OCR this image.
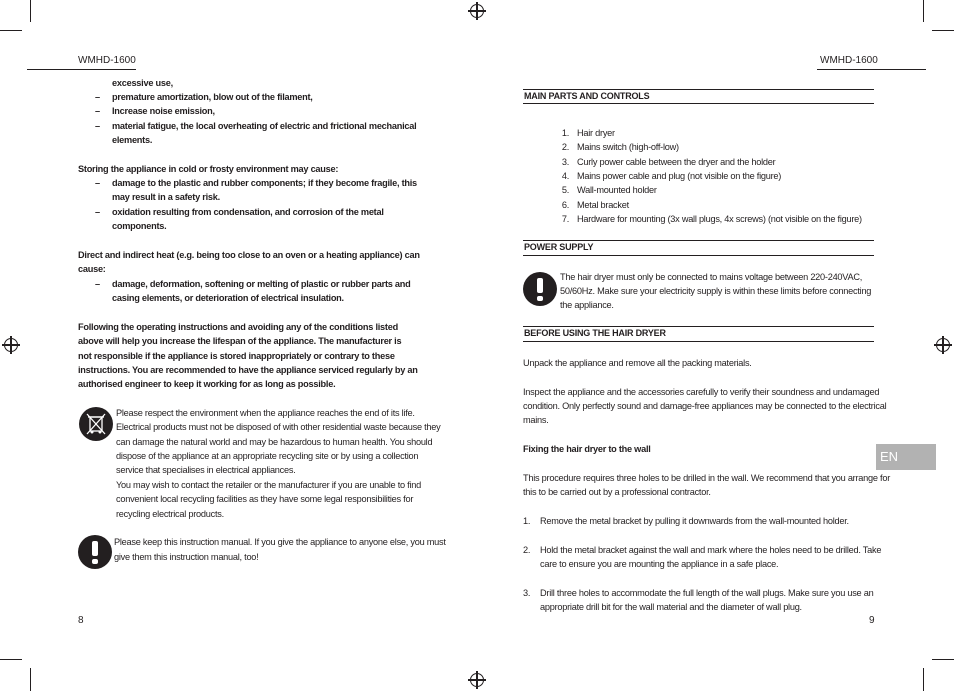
WMHD-1600	WMHD-1600
excessive use,
– premature amortization, blow out of the filament,
– Increase noise emission,
– material fatigue, the local overheating of electric and frictional mechanical
elements.
Storing the appliance in cold or frosty environment may cause:
– damage to the plastic and rubber components; if they become fragile, this
may result in a safety risk.
– oxidation resulting from condensation, and corrosion of the metal
components.
Direct and indirect heat (e.g. being too close to an oven or a heating appliance) can
cause:
– damage, deformation, softening or melting of plastic or rubber parts and
casing elements, or deterioration of electrical insulation.
Following the operating instructions and avoiding any of the conditions listed
above will help you increase the lifespan of the appliance. The manufacturer is
not responsible if the appliance is stored inappropriately or contrary to these
instructions. You are recommended to have the appliance serviced regularly by an
authorised engineer to keep it working for as long as possible.
Please respect the environment when the appliance reaches the end of its life.
Electrical products must not be disposed of with other residential waste because they
can damage the natural world and may be hazardous to human health. You should
dispose of the appliance at an appropriate recycling site or by using a collection
service that specialises in electrical appliances.
You may wish to contact the retailer or the manufacturer if you are unable to find
convenient local recycling facilities as they have some legal responsibilities for
recycling electrical products.
Please keep this instruction manual. If you give the appliance to anyone else, you must
give them this instruction manual, too!
8
MAIN PARTS AND CONTROLS
1. Hair dryer
2. Mains switch (high-off-low)
3. Curly power cable between the dryer and the holder
4. Mains power cable and plug (not visible on the figure)
5. Wall-mounted holder
6. Metal bracket
7. Hardware for mounting (3x wall plugs, 4x screws) (not visible on the figure)
POWER SUPPLY
The hair dryer must only be connected to mains voltage between 220-240VAC,
50/60Hz. Make sure your electricity supply is within these limits before connecting
the appliance.
BEFORE USING THE HAIR DRYER
Unpack the appliance and remove all the packing materials.
Inspect the appliance and the accessories carefully to verify their soundness and undamaged
condition. Only perfectly sound and damage-free appliances may be connected to the electrical
mains.
Fixing the hair dryer to the wall
This procedure requires three holes to be drilled in the wall. We recommend that you arrange for
this to be carried out by a professional contractor.
1. Remove the metal bracket by pulling it downwards from the wall-mounted holder.
2. Hold the metal bracket against the wall and mark where the holes need to be drilled. Take
care to ensure you are mounting the appliance in a safe place.
3. Drill three holes to accommodate the full length of the wall plugs. Make sure you use an
appropriate drill bit for the wall material and the diameter of wall plug.
9
EN
